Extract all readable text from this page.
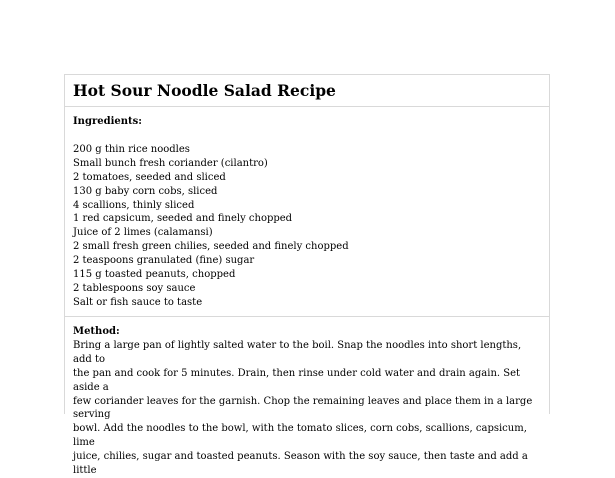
Hot Sour Noodle Salad Recipe

Ingredients:

200 g thin rice noodles
Small bunch fresh coriander (cilantro)
2 tomatoes, seeded and sliced
130 g baby corn cobs, sliced
4 scallions, thinly sliced
1 red capsicum, seeded and finely chopped
Juice of 2 limes (calamansi)
2 small fresh green chilies, seeded and finely chopped
2 teaspoons granulated (fine) sugar
115 g toasted peanuts, chopped
2 tablespoons soy sauce
Salt or fish sauce to taste

Method:

Bring a large pan of lightly salted water to the boil. Snap the noodles into short lengths, add to
the pan and cook for 5 minutes. Drain, then rinse under cold water and drain again. Set aside a
few coriander leaves for the garnish. Chop the remaining leaves and place them in a large serving
bowl. Add the noodles to the bowl, with the tomato slices, corn cobs, scallions, capsicum, lime
juice, chilies, sugar and toasted peanuts. Season with the soy sauce, then taste and add a little
